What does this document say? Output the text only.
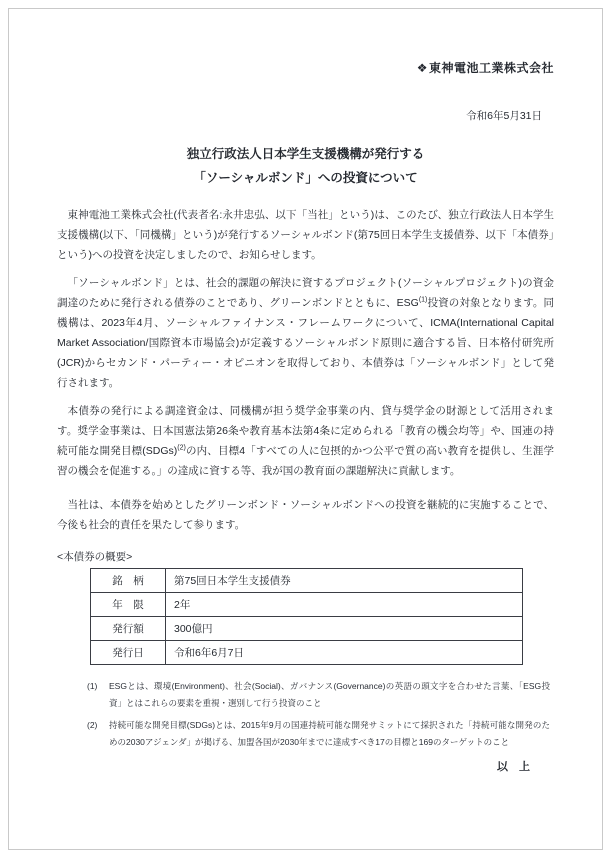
❖東神電池工業株式会社
令和6年5月31日
独立行政法人日本学生支援機構が発行する
「ソーシャルボンド」への投資について

東神電池工業株式会社(代表者名:永井忠弘、以下「当社」という)は、このたび、独立行政法人日本学生支援機構(以下、「同機構」という)が発行するソーシャルボンド(第75回日本学生支援債券、以下「本債券」という)への投資を決定しましたので、お知らせします。

「ソーシャルボンド」とは、社会的課題の解決に資するプロジェクト(ソーシャルプロジェクト)の資金調達のために発行される債券のことであり、グリーンボンドとともに、ESG$^{(1)}$投資の対象となります。同機構は、2023年4月、ソーシャルファイナンス・フレームワークについて、ICMA(International Capital Market Association/国際資本市場協会)が定義するソーシャルボンド原則に適合する旨、日本格付研究所(JCR)からセカンド・パーティー・オピニオンを取得しており、本債券は「ソーシャルボンド」として発行されます。

本債券の発行による調達資金は、同機構が担う奨学金事業の内、貸与奨学金の財源として活用されます。奨学金事業は、日本国憲法第26条や教育基本法第4条に定められる「教育の機会均等」や、国連の持続可能な開発目標(SDGs)$^{(2)}$の内、目標4「すべての人に包摂的かつ公平で質の高い教育を提供し、生涯学習の機会を促進する。」の達成に資する等、我が国の教育面の課題解決に貢献します。

当社は、本債券を始めとしたグリーンボンド・ソーシャルボンドへの投資を継続的に実施することで、今後も社会的責任を果たして参ります。

<本債券の概要>
銘　柄	第75回日本学生支援債券
年　限	2年
発行額	300億円
発行日	令和6年6月7日
(1)	ESGとは、環境(Environment)、社会(Social)、ガバナンス(Governance)の英語の頭文字を合わせた言葉、「ESG投資」とはこれらの要素を重視・選別して行う投資のこと
(2)	持続可能な開発目標(SDGs)とは、2015年9月の国連持続可能な開発サミットにて採択された「持続可能な開発のための2030アジェンダ」が掲げる、加盟各国が2030年までに達成すべき17の目標と169のターゲットのこと
以　上
